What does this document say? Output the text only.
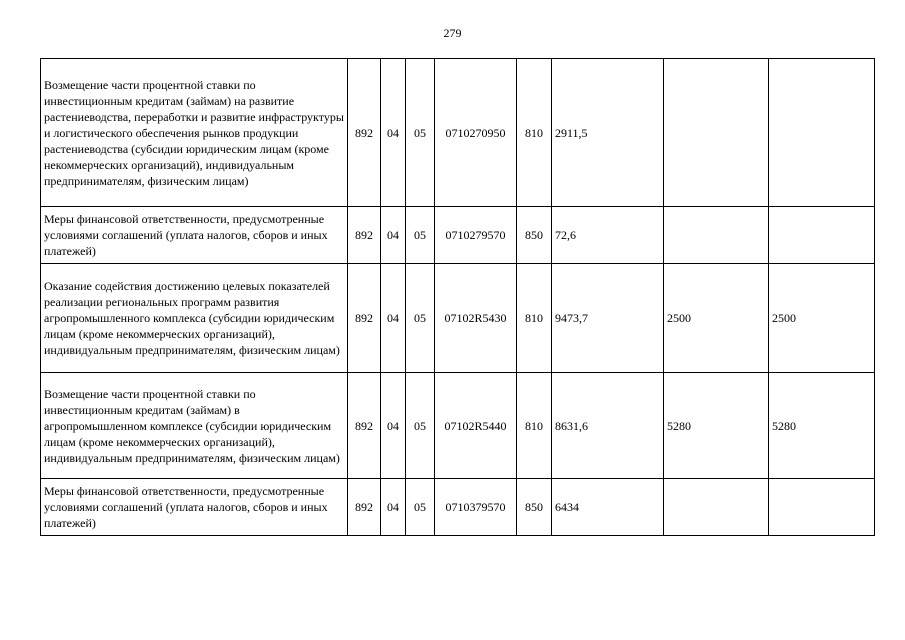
279
Возмещение части процентной ставки по инвестиционным кредитам (займам) на развитие растениеводства, переработки и развитие инфраструктуры и логистического обеспечения рынков продукции растениеводства (субсидии юридическим лицам (кроме некоммерческих организаций), индивидуальным предпринимателям, физическим лицам)	892	04	05	0710270950	810	2911,5		
Меры финансовой ответственности, предусмотренные условиями соглашений (уплата налогов, сборов и иных платежей)	892	04	05	0710279570	850	72,6		
Оказание содействия достижению целевых показателей реализации региональных программ развития агропромышленного комплекса (субсидии юридическим лицам (кроме некоммерческих организаций), индивидуальным предпринимателям, физическим лицам)	892	04	05	07102R5430	810	9473,7	2500	2500
Возмещение части процентной ставки по инвестиционным кредитам (займам) в агропромышленном комплексе (субсидии юридическим лицам (кроме некоммерческих организаций), индивидуальным предпринимателям, физическим лицам)	892	04	05	07102R5440	810	8631,6	5280	5280
Меры финансовой ответственности, предусмотренные условиями соглашений (уплата налогов, сборов и иных платежей)	892	04	05	0710379570	850	6434		
